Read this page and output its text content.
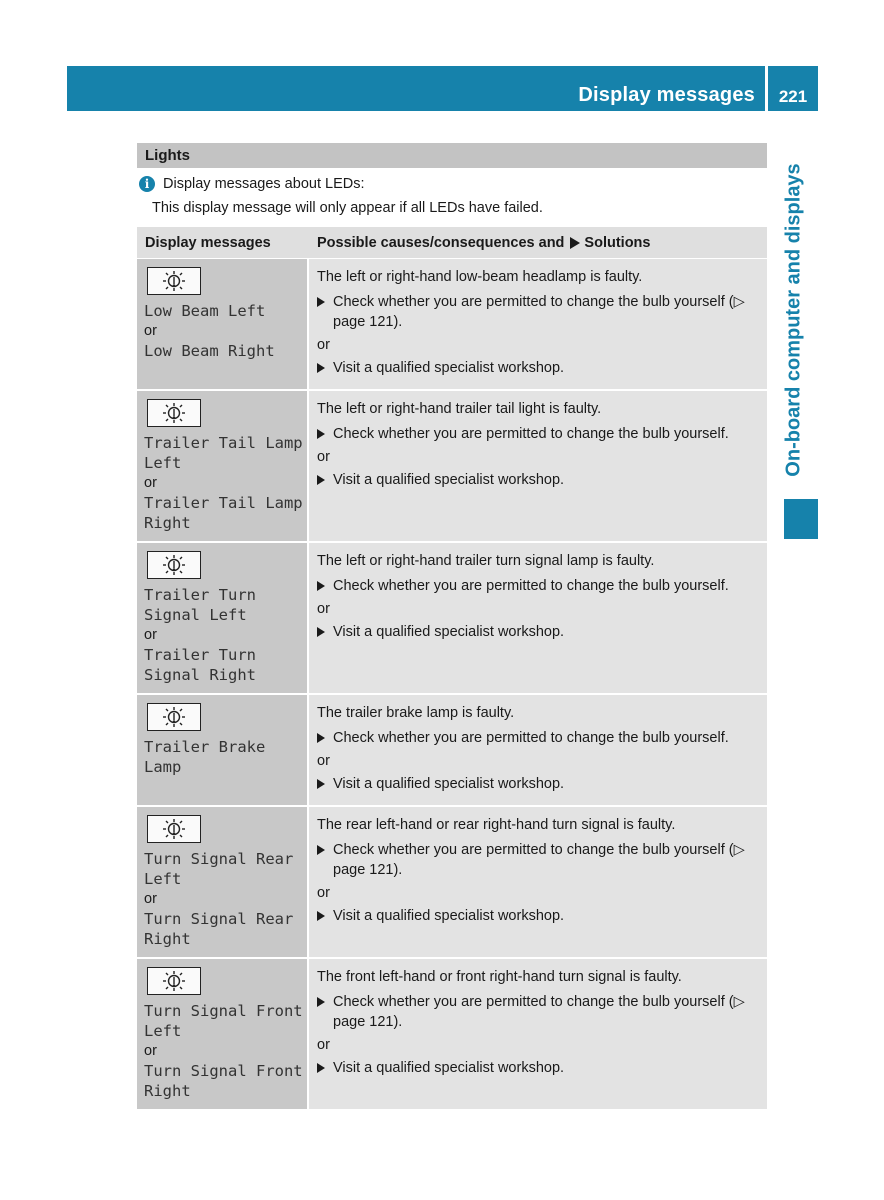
Display messages	221
On-board computer and displays
Lights
i Display messages about LEDs:
This display message will only appear if all LEDs have failed.
Display messages	Possible causes/consequences and Solutions
Low Beam Left
or
Low Beam Right
The left or right-hand low-beam headlamp is faulty.
Check whether you are permitted to change the bulb yourself (▷ page 121).
or
Visit a qualified specialist workshop.
Trailer Tail Lamp
Left
or
Trailer Tail Lamp
Right
The left or right-hand trailer tail light is faulty.
Check whether you are permitted to change the bulb yourself.
or
Visit a qualified specialist workshop.
Trailer Turn
Signal Left
or
Trailer Turn
Signal Right
The left or right-hand trailer turn signal lamp is faulty.
Check whether you are permitted to change the bulb yourself.
or
Visit a qualified specialist workshop.
Trailer Brake Lamp
The trailer brake lamp is faulty.
Check whether you are permitted to change the bulb yourself.
or
Visit a qualified specialist workshop.
Turn Signal Rear
Left
or
Turn Signal Rear
Right
The rear left-hand or rear right-hand turn signal is faulty.
Check whether you are permitted to change the bulb yourself (▷ page 121).
or
Visit a qualified specialist workshop.
Turn Signal Front
Left
or
Turn Signal Front
Right
The front left-hand or front right-hand turn signal is faulty.
Check whether you are permitted to change the bulb yourself (▷ page 121).
or
Visit a qualified specialist workshop.
